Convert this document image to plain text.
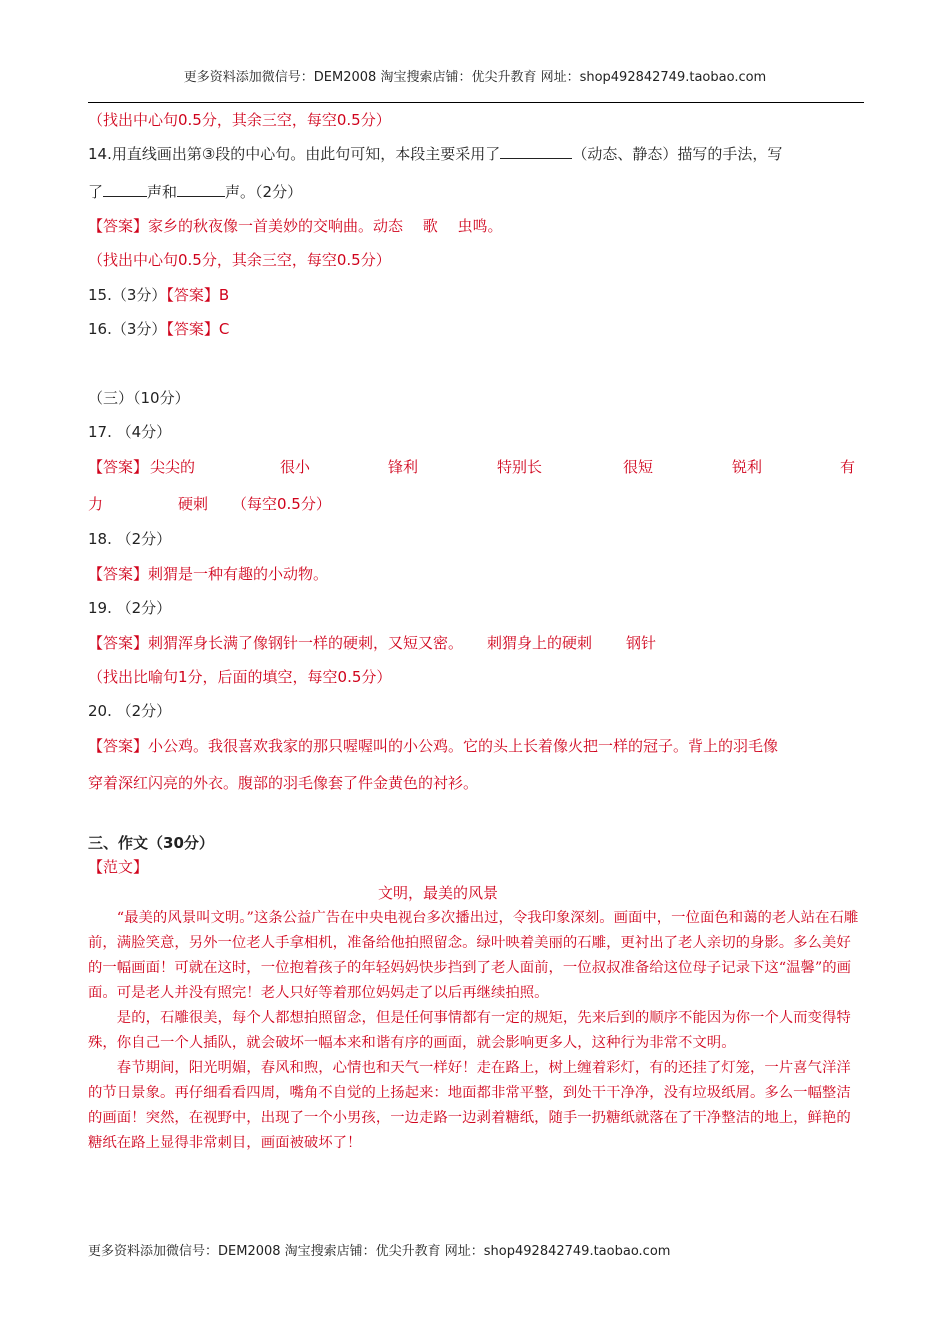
更多资料添加微信号：DEM2008 淘宝搜索店铺：优尖升教育 网址：shop492842749.taobao.com
（找出中心句0.5分，其余三空，每空0.5分）
14.用直线画出第③段的中心句。由此句可知，本段主要采用了	（动态、静态）描写的手法，写
了	声和	声。（2分）
【答案】家乡的秋夜像一首美妙的交响曲。动态　 歌　 虫鸣。
（找出中心句0.5分，其余三空，每空0.5分）
15.（3分）【答案】B
16.（3分）【答案】C
（三）（10分）
17. （4分）
【答案】 尖尖的	很小	锋利	特别长	很短	锐利	有
力	硬刺 （每空0.5分）
18. （2分）
【答案】刺猬是一种有趣的小动物。
19. （2分）
【答案】刺猬浑身长满了像钢针一样的硬刺，又短又密。 刺猬身上的硬刺 钢针
（找出比喻句1分，后面的填空，每空0.5分）
20. （2分）
【答案】小公鸡。我很喜欢我家的那只喔喔叫的小公鸡。它的头上长着像火把一样的冠子。背上的羽毛像
穿着深红闪亮的外衣。腹部的羽毛像套了件金黄色的衬衫。
三、作文（30分）
【范文】
文明，最美的风景

“最美的风景叫文明。”这条公益广告在中央电视台多次播出过，令我印象深刻。画面中，一位面色和蔼的老人站在石雕前，满脸笑意，另外一位老人手拿相机，准备给他拍照留念。绿叶映着美丽的石雕，更衬出了老人亲切的身影。多么美好的一幅画面！可就在这时，一位抱着孩子的年轻妈妈快步挡到了老人面前，一位叔叔准备给这位母子记录下这“温馨”的画面。可是老人并没有照完！老人只好等着那位妈妈走了以后再继续拍照。

是的，石雕很美，每个人都想拍照留念，但是任何事情都有一定的规矩，先来后到的顺序不能因为你一个人而变得特殊，你自己一个人插队，就会破坏一幅本来和谐有序的画面，就会影响更多人，这种行为非常不文明。

春节期间，阳光明媚，春风和煦，心情也和天气一样好！走在路上，树上缠着彩灯，有的还挂了灯笼，一片喜气洋洋的节日景象。再仔细看看四周，嘴角不自觉的上扬起来：地面都非常平整，到处干干净净，没有垃圾纸屑。多么一幅整洁的画面！突然，在视野中，出现了一个小男孩，一边走路一边剥着糖纸，随手一扔糖纸就落在了干净整洁的地上，鲜艳的糖纸在路上显得非常刺目，画面被破坏了！

更多资料添加微信号：DEM2008 淘宝搜索店铺：优尖升教育 网址：shop492842749.taobao.com
